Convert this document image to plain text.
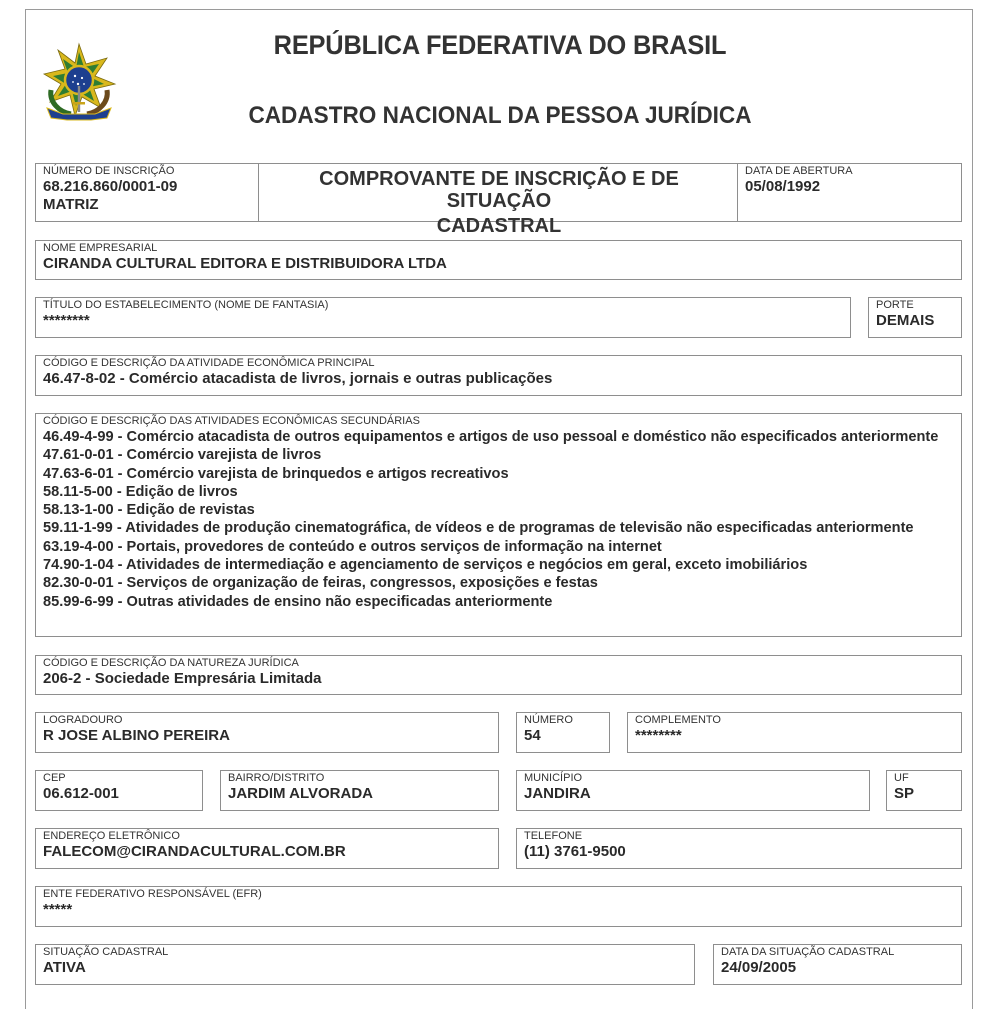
REPÚBLICA FEDERATIVA DO BRASIL
CADASTRO NACIONAL DA PESSOA JURÍDICA
NÚMERO DE INSCRIÇÃO
68.216.860/0001-09
MATRIZ
COMPROVANTE DE INSCRIÇÃO E DE SITUAÇÃO
CADASTRAL
DATA DE ABERTURA
05/08/1992
NOME EMPRESARIAL
CIRANDA CULTURAL EDITORA E DISTRIBUIDORA LTDA
TÍTULO DO ESTABELECIMENTO (NOME DE FANTASIA)
********
PORTE
DEMAIS
CÓDIGO E DESCRIÇÃO DA ATIVIDADE ECONÔMICA PRINCIPAL
46.47-8-02 - Comércio atacadista de livros, jornais e outras publicações
CÓDIGO E DESCRIÇÃO DAS ATIVIDADES ECONÔMICAS SECUNDÁRIAS
46.49-4-99 - Comércio atacadista de outros equipamentos e artigos de uso pessoal e doméstico não especificados anteriormente
47.61-0-01 - Comércio varejista de livros
47.63-6-01 - Comércio varejista de brinquedos e artigos recreativos
58.11-5-00 - Edição de livros
58.13-1-00 - Edição de revistas
59.11-1-99 - Atividades de produção cinematográfica, de vídeos e de programas de televisão não especificadas anteriormente
63.19-4-00 - Portais, provedores de conteúdo e outros serviços de informação na internet
74.90-1-04 - Atividades de intermediação e agenciamento de serviços e negócios em geral, exceto imobiliários
82.30-0-01 - Serviços de organização de feiras, congressos, exposições e festas
85.99-6-99 - Outras atividades de ensino não especificadas anteriormente
CÓDIGO E DESCRIÇÃO DA NATUREZA JURÍDICA
206-2 - Sociedade Empresária Limitada
LOGRADOURO
R JOSE ALBINO PEREIRA
NÚMERO
54
COMPLEMENTO
********
CEP
06.612-001
BAIRRO/DISTRITO
JARDIM ALVORADA
MUNICÍPIO
JANDIRA
UF
SP
ENDEREÇO ELETRÔNICO
FALECOM@CIRANDACULTURAL.COM.BR
TELEFONE
(11) 3761-9500
ENTE FEDERATIVO RESPONSÁVEL (EFR)
*****
SITUAÇÃO CADASTRAL
ATIVA
DATA DA SITUAÇÃO CADASTRAL
24/09/2005
